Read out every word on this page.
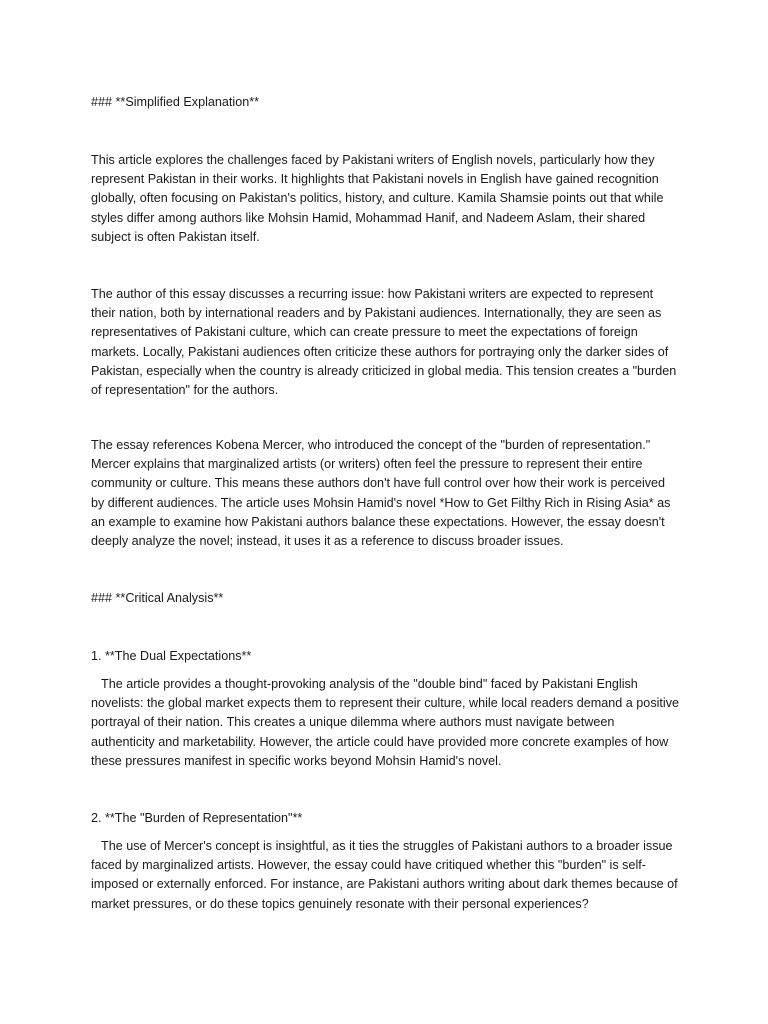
### **Simplified Explanation**
This article explores the challenges faced by Pakistani writers of English novels, particularly how they represent Pakistan in their works. It highlights that Pakistani novels in English have gained recognition globally, often focusing on Pakistan's politics, history, and culture. Kamila Shamsie points out that while styles differ among authors like Mohsin Hamid, Mohammad Hanif, and Nadeem Aslam, their shared subject is often Pakistan itself.
The author of this essay discusses a recurring issue: how Pakistani writers are expected to represent their nation, both by international readers and by Pakistani audiences. Internationally, they are seen as representatives of Pakistani culture, which can create pressure to meet the expectations of foreign markets. Locally, Pakistani audiences often criticize these authors for portraying only the darker sides of Pakistan, especially when the country is already criticized in global media. This tension creates a "burden of representation" for the authors.
The essay references Kobena Mercer, who introduced the concept of the "burden of representation." Mercer explains that marginalized artists (or writers) often feel the pressure to represent their entire community or culture. This means these authors don't have full control over how their work is perceived by different audiences. The article uses Mohsin Hamid's novel *How to Get Filthy Rich in Rising Asia* as an example to examine how Pakistani authors balance these expectations. However, the essay doesn't deeply analyze the novel; instead, it uses it as a reference to discuss broader issues.
### **Critical Analysis**
1. **The Dual Expectations**
The article provides a thought-provoking analysis of the "double bind" faced by Pakistani English novelists: the global market expects them to represent their culture, while local readers demand a positive portrayal of their nation. This creates a unique dilemma where authors must navigate between authenticity and marketability. However, the article could have provided more concrete examples of how these pressures manifest in specific works beyond Mohsin Hamid's novel.
2. **The "Burden of Representation"**
The use of Mercer's concept is insightful, as it ties the struggles of Pakistani authors to a broader issue faced by marginalized artists. However, the essay could have critiqued whether this "burden" is self-imposed or externally enforced. For instance, are Pakistani authors writing about dark themes because of market pressures, or do these topics genuinely resonate with their personal experiences?
